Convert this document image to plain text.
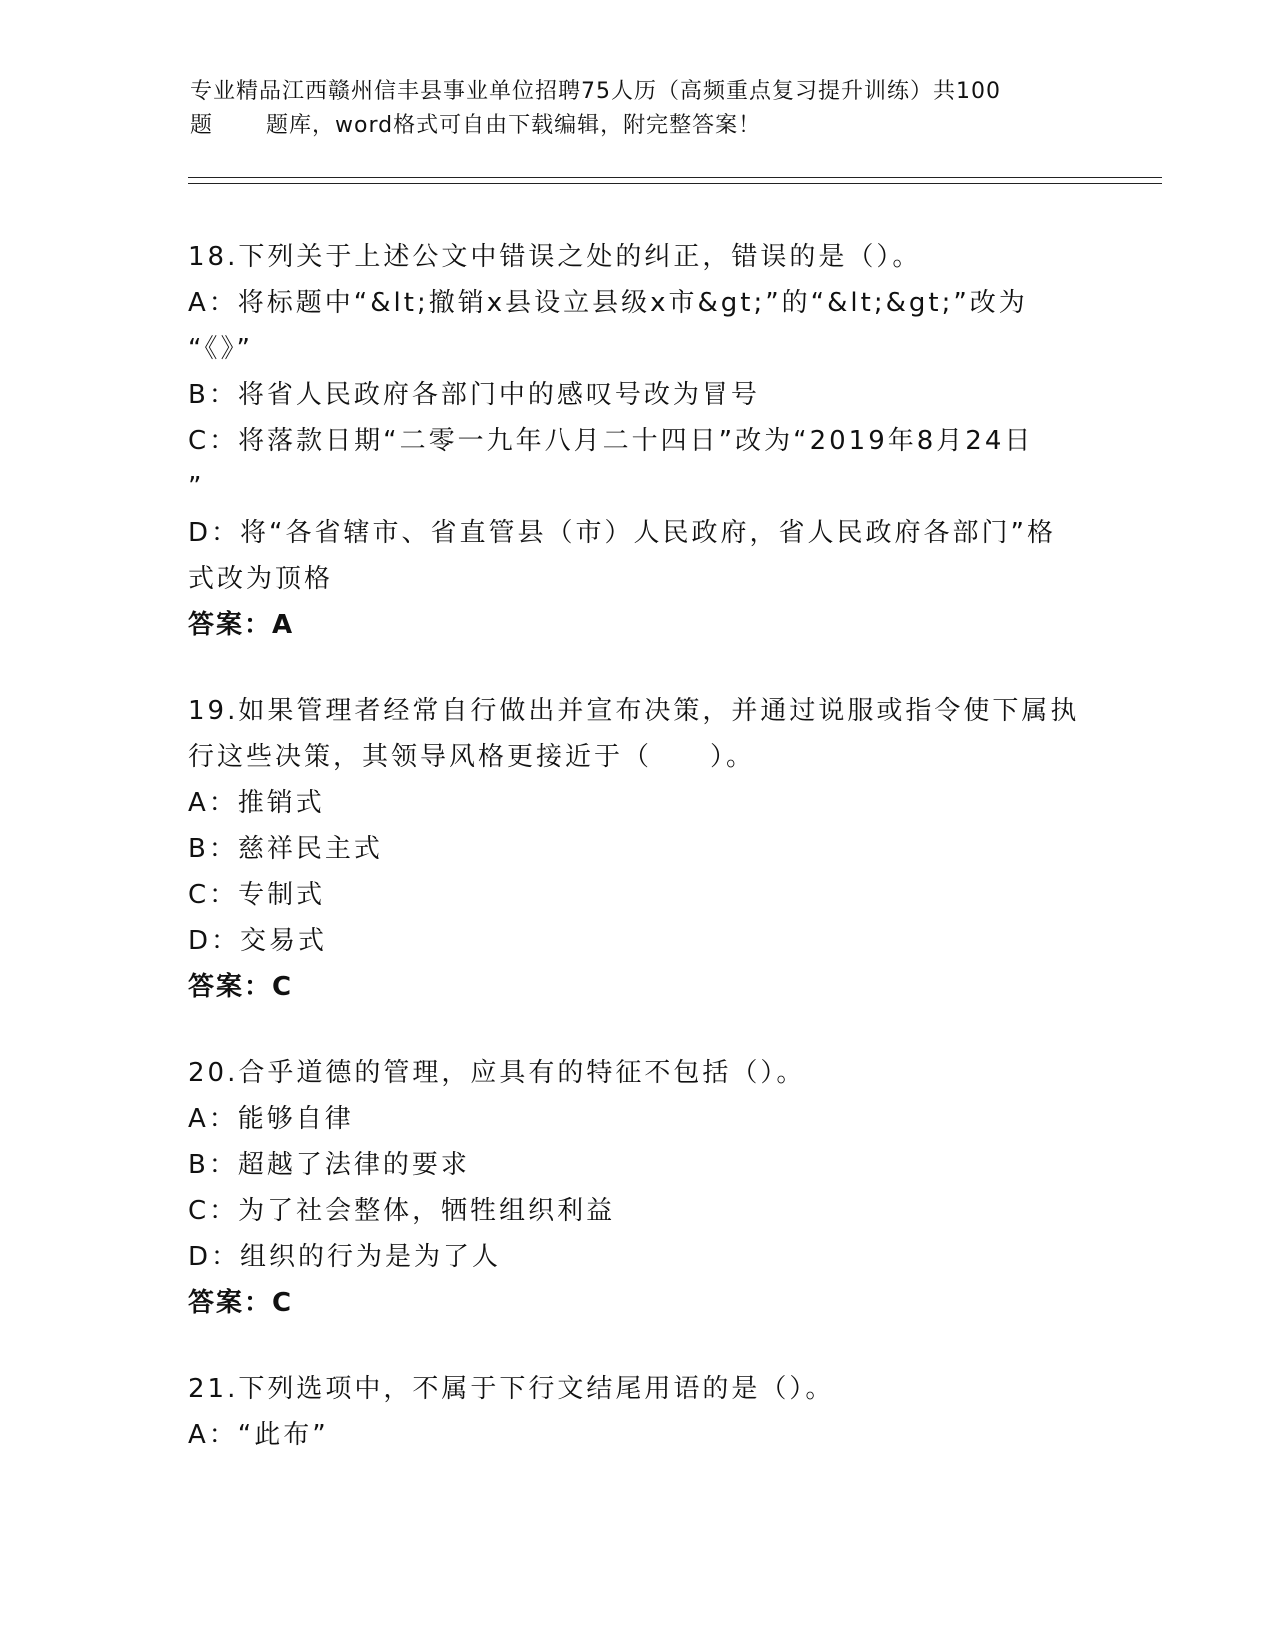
专业精品江西赣州信丰县事业单位招聘75人历（高频重点复习提升训练）共100
题 题库，word格式可自由下载编辑，附完整答案！
18.下列关于上述公文中错误之处的纠正，错误的是（）。
A：将标题中“&lt;撤销x县设立县级x市&gt;”的“&lt;&gt;”改为
“《》”
B：将省人民政府各部门中的感叹号改为冒号
C：将落款日期“二零一九年八月二十四日”改为“2019年8月24日
”
D：将“各省辖市、省直管县（市）人民政府，省人民政府各部门”格
式改为顶格
答案：A
19.如果管理者经常自行做出并宣布决策，并通过说服或指令使下属执
行这些决策，其领导风格更接近于（　　）。
A：推销式
B：慈祥民主式
C：专制式
D：交易式
答案：C
20.合乎道德的管理，应具有的特征不包括（）。
A：能够自律
B：超越了法律的要求
C：为了社会整体，牺牲组织利益
D：组织的行为是为了人
答案：C
21.下列选项中，不属于下行文结尾用语的是（）。
A：“此布”
